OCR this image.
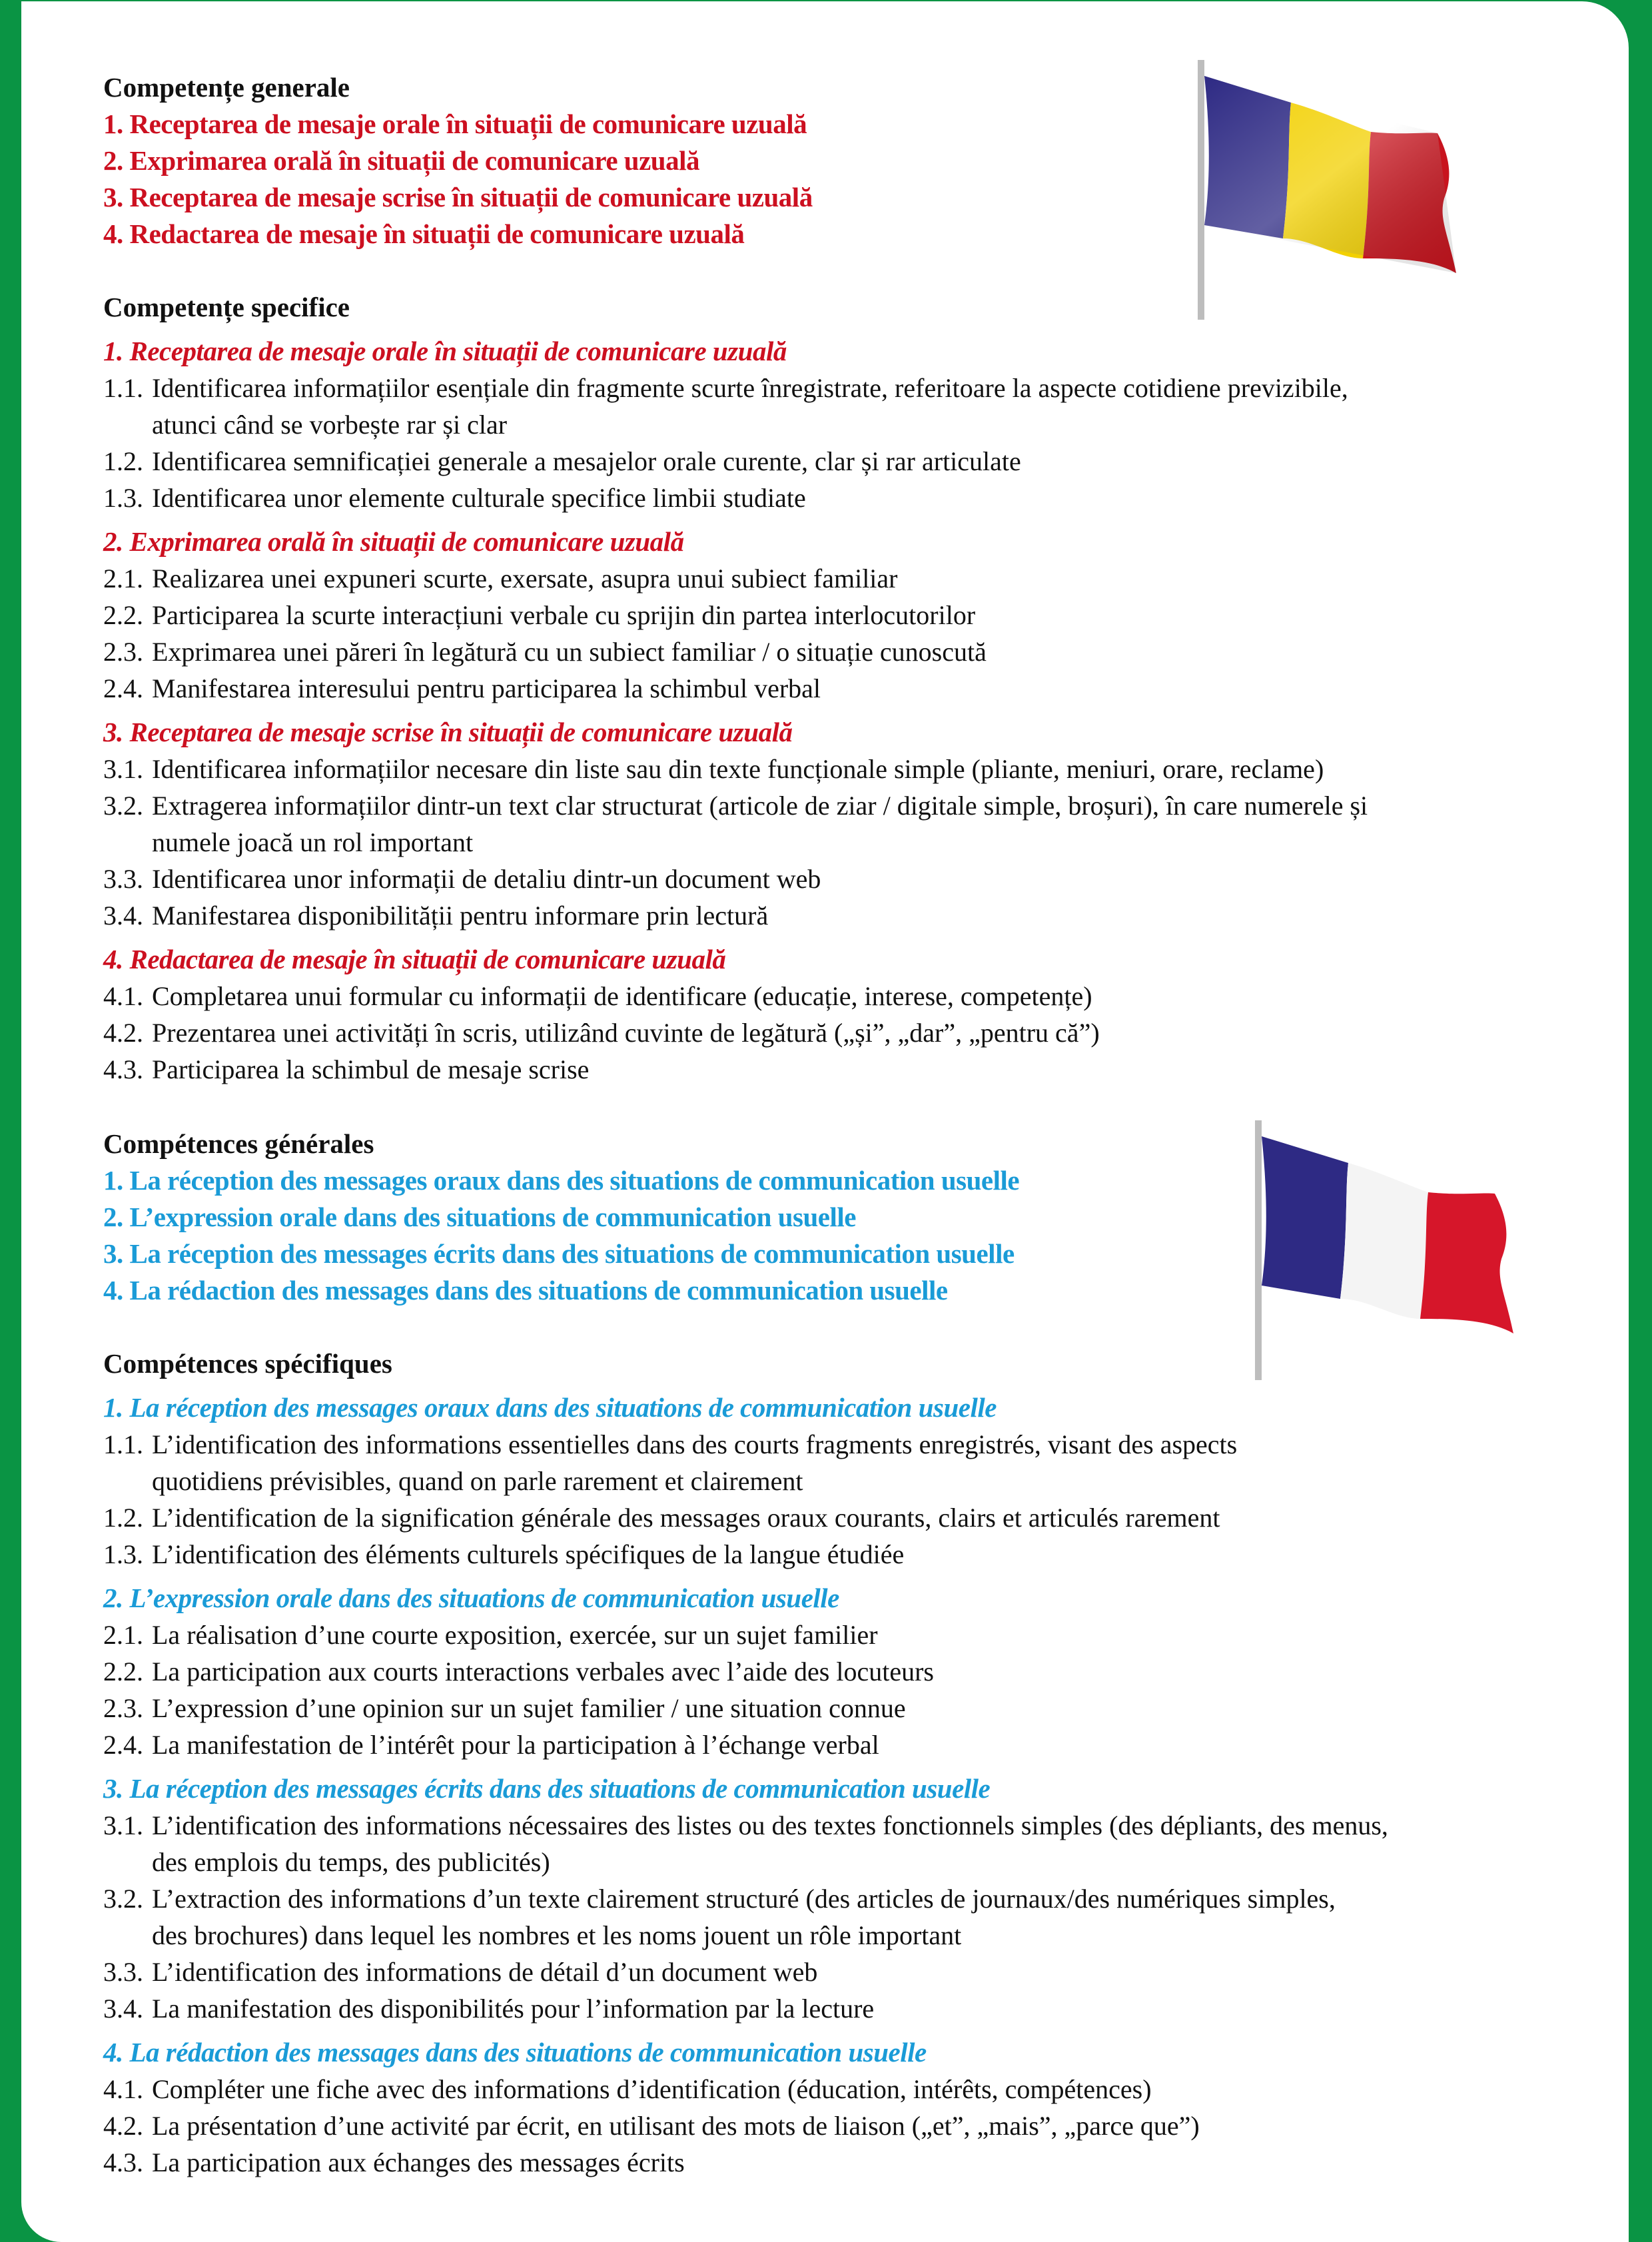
Competențe generale
1. Receptarea de mesaje orale în situații de comunicare uzuală
2. Exprimarea orală în situații de comunicare uzuală
3. Receptarea de mesaje scrise în situații de comunicare uzuală
4. Redactarea de mesaje în situații de comunicare uzuală
Competențe specifice
1. Receptarea de mesaje orale în situații de comunicare uzuală
1.1. Identificarea informațiilor esențiale din fragmente scurte înregistrate, referitoare la aspecte cotidiene previzibile,
atunci când se vorbește rar și clar
1.2. Identificarea semnificației generale a mesajelor orale curente, clar și rar articulate
1.3. Identificarea unor elemente culturale specifice limbii studiate
2. Exprimarea orală în situații de comunicare uzuală
2.1. Realizarea unei expuneri scurte, exersate, asupra unui subiect familiar
2.2. Participarea la scurte interacțiuni verbale cu sprijin din partea interlocutorilor
2.3. Exprimarea unei păreri în legătură cu un subiect familiar / o situație cunoscută
2.4. Manifestarea interesului pentru participarea la schimbul verbal
3. Receptarea de mesaje scrise în situații de comunicare uzuală
3.1. Identificarea informațiilor necesare din liste sau din texte funcționale simple (pliante, meniuri, orare, reclame)
3.2. Extragerea informațiilor dintr-un text clar structurat (articole de ziar / digitale simple, broșuri), în care numerele și
numele joacă un rol important
3.3. Identificarea unor informații de detaliu dintr-un document web
3.4. Manifestarea disponibilității pentru informare prin lectură
4. Redactarea de mesaje în situații de comunicare uzuală
4.1. Completarea unui formular cu informații de identificare (educație, interese, competențe)
4.2. Prezentarea unei activități în scris, utilizând cuvinte de legătură („și”, „dar”, „pentru că”)
4.3. Participarea la schimbul de mesaje scrise
Compétences générales
1. La réception des messages oraux dans des situations de communication usuelle
2. L’expression orale dans des situations de communication usuelle
3. La réception des messages écrits dans des situations de communication usuelle
4. La rédaction des messages dans des situations de communication usuelle
Compétences spécifiques
1. La réception des messages oraux dans des situations de communication usuelle
1.1. L’identification des informations essentielles dans des courts fragments enregistrés, visant des aspects
quotidiens prévisibles, quand on parle rarement et clairement
1.2. L’identification de la signification générale des messages oraux courants, clairs et articulés rarement
1.3. L’identification des éléments culturels spécifiques de la langue étudiée
2. L’expression orale dans des situations de communication usuelle
2.1. La réalisation d’une courte exposition, exercée, sur un sujet familier
2.2. La participation aux courts interactions verbales avec l’aide des locuteurs
2.3. L’expression d’une opinion sur un sujet familier / une situation connue
2.4. La manifestation de l’intérêt pour la participation à l’échange verbal
3. La réception des messages écrits dans des situations de communication usuelle
3.1. L’identification des informations nécessaires des listes ou des textes fonctionnels simples (des dépliants, des menus,
des emplois du temps, des publicités)
3.2. L’extraction des informations d’un texte clairement structuré (des articles de journaux/des numériques simples,
des brochures) dans lequel les nombres et les noms jouent un rôle important
3.3. L’identification des informations de détail d’un document web
3.4. La manifestation des disponibilités pour l’information par la lecture
4. La rédaction des messages dans des situations de communication usuelle
4.1. Compléter une fiche avec des informations d’identification (éducation, intérêts, compétences)
4.2. La présentation d’une activité par écrit, en utilisant des mots de liaison („et”, „mais”, „parce que”)
4.3. La participation aux échanges des messages écrits
